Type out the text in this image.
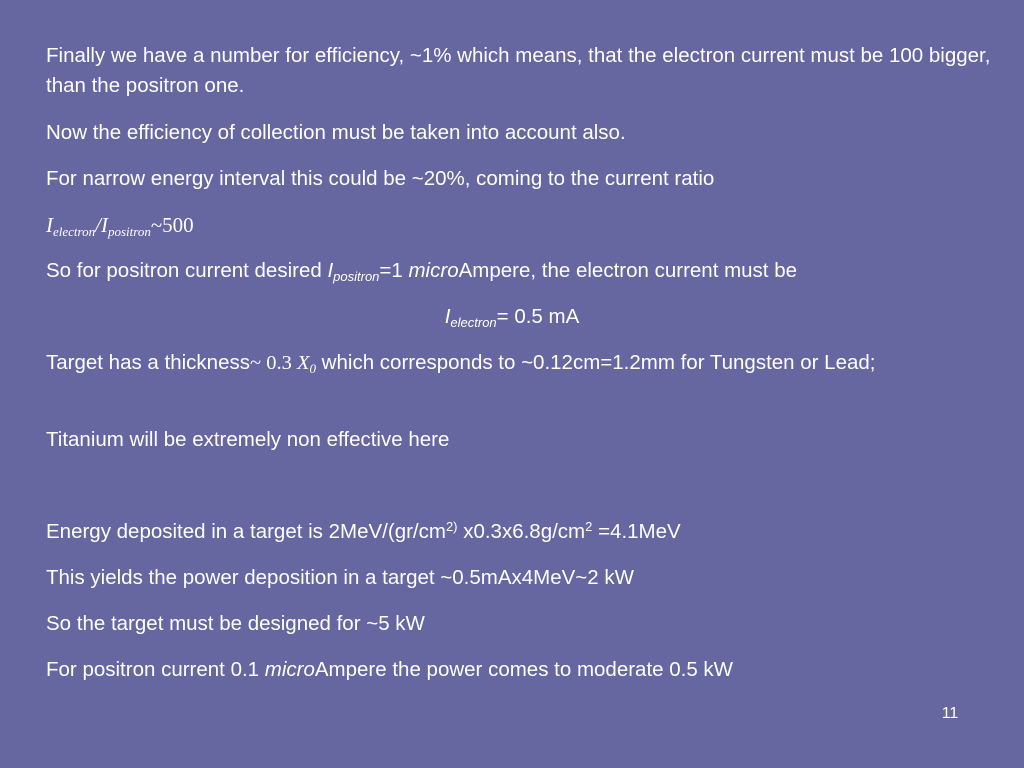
Finally we have a number for efficiency, ~1% which means, that the electron current must be 100 bigger, than the positron one.
Now the efficiency of collection must be taken into account also.
For narrow energy interval this could be ~20%, coming to the current ratio
$I_{electron}/I_{positron}\sim 500$
So for positron current desired $I_{positron}=1$ microAmpere, the electron current must be
$I_{electron}= 0.5$ mA
Target has a thickness~ 0.3 $X_0$ which corresponds to ~0.12cm=1.2mm for Tungsten or Lead;
Titanium will be extremely non effective here
Energy deposited in a target is $2MeV/(gr/cm^{2)}$ $x0.3x6.8g/cm^2 =4.1MeV$
This yields the power deposition in a target ~0.5mAx4MeV~2 kW
So the target must be designed for ~5 kW
For positron current 0.1 microAmpere the power comes to moderate 0.5 kW
11
